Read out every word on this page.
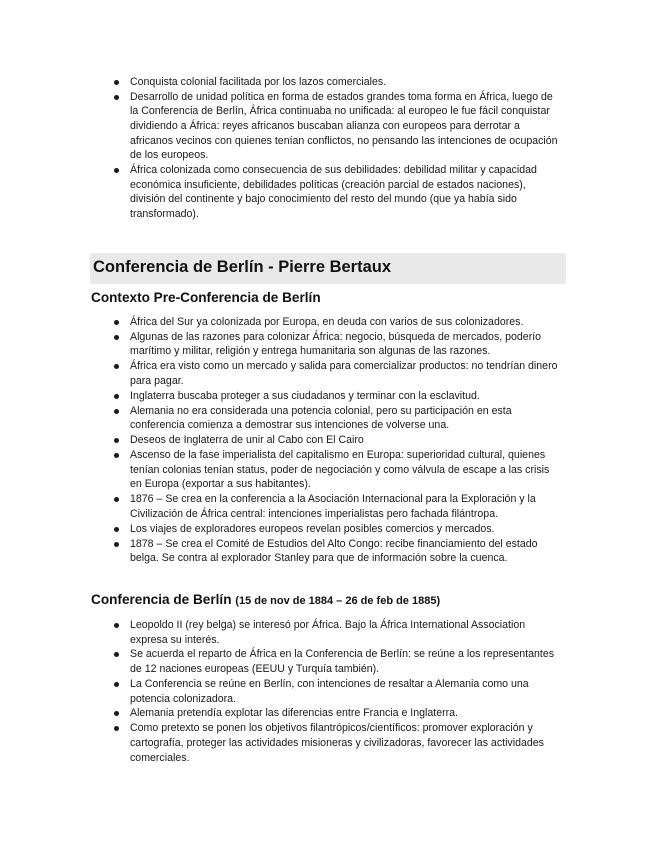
Conquista colonial facilitada por los lazos comerciales.
Desarrollo de unidad política en forma de estados grandes toma forma en África, luego de la Conferencia de Berlín, África continuaba no unificada: al europeo le fue fácil conquistar dividiendo a África: reyes africanos buscaban alianza con europeos para derrotar a africanos vecinos con quienes tenían conflictos, no pensando las intenciones de ocupación de los europeos.
África colonizada como consecuencia de sus debilidades: debilidad militar y capacidad económica insuficiente, debilidades políticas (creación parcial de estados naciones), división del continente y bajo conocimiento del resto del mundo (que ya había sido transformado).
Conferencia de Berlín - Pierre Bertaux
Contexto Pre-Conferencia de Berlín
África del Sur ya colonizada por Europa, en deuda con varios de sus colonizadores.
Algunas de las razones para colonizar África: negocio, búsqueda de mercados, poderío marítimo y militar, religión y entrega humanitaria son algunas de las razones.
África era visto como un mercado y salida para comercializar productos: no tendrían dinero para pagar.
Inglaterra buscaba proteger a sus ciudadanos y terminar con la esclavitud.
Alemania no era considerada una potencia colonial, pero su participación en esta conferencia comienza a demostrar sus intenciones de volverse una.
Deseos de Inglaterra de unir al Cabo con El Cairo
Ascenso de la fase imperialista del capitalismo en Europa: superioridad cultural, quienes tenían colonias tenían status, poder de negociación y como válvula de escape a las crisis en Europa (exportar a sus habitantes).
1876 – Se crea en la conferencia a la Asociación Internacional para la Exploración y la Civilización de África central: intenciones imperialistas pero fachada filántropa.
Los viajes de exploradores europeos revelan posibles comercios y mercados.
1878 – Se crea el Comité de Estudios del Alto Congo: recibe financiamiento del estado belga. Se contra al explorador Stanley para que de información sobre la cuenca.
Conferencia de Berlín (15 de nov de 1884 – 26 de feb de 1885)
Leopoldo II (rey belga) se interesó por África. Bajo la África International Association expresa su interés.
Se acuerda el reparto de África en la Conferencia de Berlín: se reúne a los representantes de 12 naciones europeas (EEUU y Turquía también).
La Conferencia se reúne en Berlín, con intenciones de resaltar a Alemania como una potencia colonizadora.
Alemania pretendía explotar las diferencias entre Francia e Inglaterra.
Como pretexto se ponen los objetivos filantrópicos/científicos: promover exploración y cartografía, proteger las actividades misioneras y civilizadoras, favorecer las actividades comerciales.
